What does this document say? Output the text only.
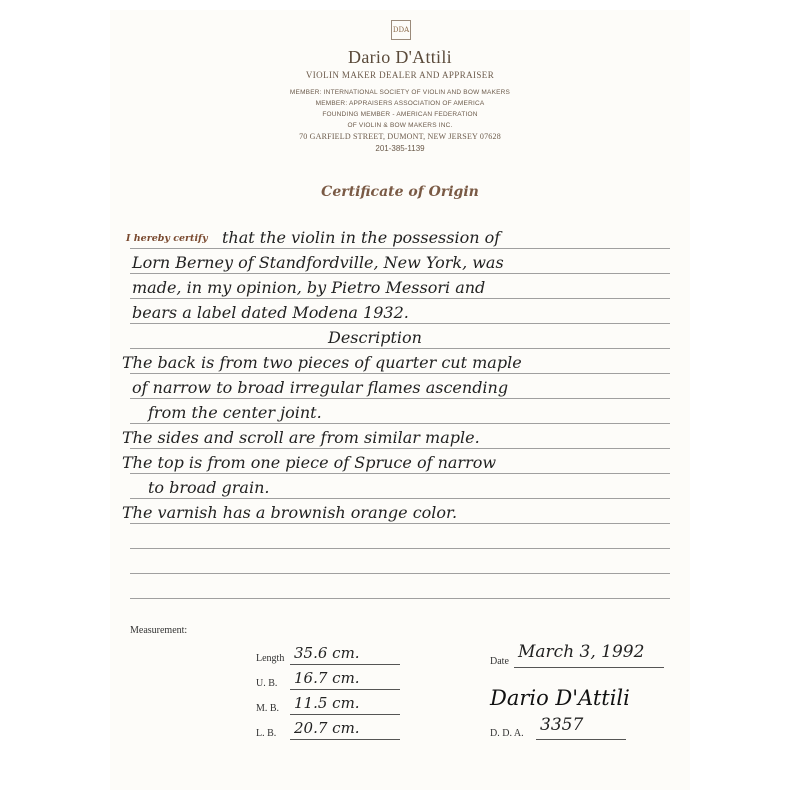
DDA
Dario D'Attili
VIOLIN MAKER DEALER AND APPRAISER
MEMBER: INTERNATIONAL SOCIETY OF VIOLIN AND BOW MAKERS
MEMBER: APPRAISERS ASSOCIATION OF AMERICA
FOUNDING MEMBER - AMERICAN FEDERATION
OF VIOLIN & BOW MAKERS INC.
70 GARFIELD STREET, DUMONT, NEW JERSEY 07628
201-385-1139
Certificate of Origin
I hereby certify that the violin in the possession of
Lorn Berney of Standfordville, New York, was
made, in my opinion, by Pietro Messori and
bears a label dated Modena 1932.
Description
The back is from two pieces of quarter cut maple
of narrow to broad irregular flames ascending
from the center joint.
The sides and scroll are from similar maple.
The top is from one piece of Spruce of narrow
to broad grain.
The varnish has a brownish orange color.
Measurement:
Length 35.6 cm.
U. B. 16.7 cm.
M. B. 11.5 cm.
L. B. 20.7 cm.
Date March 3, 1992
Dario D'Attili
D. D. A. 3357
